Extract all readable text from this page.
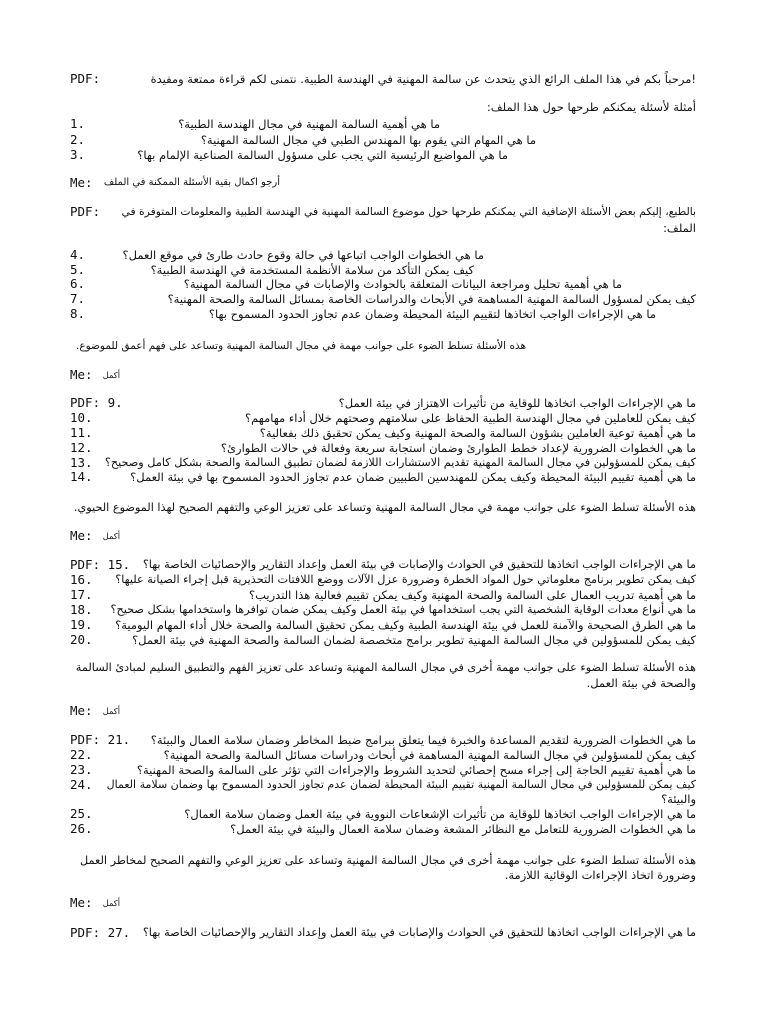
PDF:	!مرحباً بكم في هذا الملف الرائع الذي يتحدث عن سالمة المهنية في الهندسة الطبية. نتمنى لكم قراءة ممتعة ومفيدة
أمثلة لأسئلة يمكنكم طرحها حول هذا الملف:
1.	ما هي أهمية السالمة المهنية في مجال الهندسة الطبية؟
2.	ما هي المهام التي يقوم بها المهندس الطبي في مجال السالمة المهنية؟
3.	ما هي المواضيع الرئيسية التي يجب على مسؤول السالمة الصناعية الإلمام بها؟
Me: أرجو اكمال بقية الأسئلة الممكنة في الملف
PDF: بالطبع، إليكم بعض الأسئلة الإضافية التي يمكنكم طرحها حول موضوع السالمة المهنية في الهندسة الطبية والمعلومات المتوفرة في
الملف:
4.	ما هي الخطوات الواجب اتباعها في حالة وقوع حادث طارئ في موقع العمل؟
5.	كيف يمكن التأكد من سلامة الأنظمة المستخدمة في الهندسة الطبية؟
6.	ما هي أهمية تحليل ومراجعة البيانات المتعلقة بالحوادث والإصابات في مجال السالمة المهنية؟
7.	كيف يمكن لمسؤول السالمة المهنية المساهمة في الأبحاث والدراسات الخاصة بمسائل السالمة والصحة المهنية؟
8.	ما هي الإجراءات الواجب اتخاذها لتقييم البيئة المحيطة وضمان عدم تجاوز الحدود المسموح بها؟
هذه الأسئلة تسلط الضوء على جوانب مهمة في مجال السالمة المهنية وتساعد على فهم أعمق للموضوع.
Me: أكمل
PDF: 9.	ما هي الإجراءات الواجب اتخاذها للوقاية من تأثيرات الاهتزاز في بيئة العمل؟
10.	كيف يمكن للعاملين في مجال الهندسة الطبية الحفاظ على سلامتهم وصحتهم خلال أداء مهامهم؟
11.	ما هي أهمية توعية العاملين بشؤون السالمة والصحة المهنية وكيف يمكن تحقيق ذلك بفعالية؟
12.	ما هي الخطوات الضرورية لإعداد خطط الطوارئ وضمان استجابة سريعة وفعالة في حالات الطوارئ؟
13. كيف يمكن للمسؤولين في مجال السالمة المهنية تقديم الاستشارات اللازمة لضمان تطبيق السالمة والصحة بشكل كامل وصحيح؟
14.	ما هي أهمية تقييم البيئة المحيطة وكيف يمكن للمهندسين الطبيين ضمان عدم تجاوز الحدود المسموح بها في بيئة العمل؟
هذه الأسئلة تسلط الضوء على جوانب مهمة في مجال السالمة المهنية وتساعد على تعزيز الوعي والتفهم الصحيح لهذا الموضوع الحيوي.
Me: أكمل
PDF: 15. ما هي الإجراءات الواجب اتخاذها للتحقيق في الحوادث والإصابات في بيئة العمل وإعداد التقارير والإحصائيات الخاصة بها؟
16. كيف يمكن تطوير برنامج معلوماتي حول المواد الخطرة وضرورة عزل الآلات ووضع اللافتات التحذيرية قبل إجراء الصيانة عليها؟
17.	ما هي أهمية تدريب العمال على السالمة والصحة المهنية وكيف يمكن تقييم فعالية هذا التدريب؟
18. ما هي أنواع معدات الوقاية الشخصية التي يجب استخدامها في بيئة العمل وكيف يمكن ضمان توافرها واستخدامها بشكل صحيح؟
19. ما هي الطرق الصحيحة والآمنة للعمل في بيئة الهندسة الطبية وكيف يمكن تحقيق السالمة والصحة خلال أداء المهام اليومية؟
20.	كيف يمكن للمسؤولين في مجال السالمة المهنية تطوير برامج متخصصة لضمان السالمة والصحة المهنية في بيئة العمل؟
هذه الأسئلة تسلط الضوء على جوانب مهمة أخرى في مجال السالمة المهنية وتساعد على تعزيز الفهم والتطبيق السليم لمبادئ السالمة
والصحة في بيئة العمل.
Me: أكمل
PDF: 21. ما هي الخطوات الضرورية لتقديم المساعدة والخبرة فيما يتعلق ببرامج ضبط المخاطر وضمان سلامة العمال والبيئة؟
22.	كيف يمكن للمسؤولين في مجال السالمة المهنية المساهمة في أبحاث ودراسات مسائل السالمة والصحة المهنية؟
23.	ما هي أهمية تقييم الحاجة إلى إجراء مسح إحصائي لتحديد الشروط والإجراءات التي تؤثر على السالمة والصحة المهنية؟
24. كيف يمكن للمسؤولين في مجال السالمة المهنية تقييم البيئة المحيطة لضمان عدم تجاوز الحدود المسموح بها وضمان سلامة العمال
والبيئة؟
25.	ما هي الإجراءات الواجب اتخاذها للوقاية من تأثيرات الإشعاعات النووية في بيئة العمل وضمان سلامة العمال؟
26.	ما هي الخطوات الضرورية للتعامل مع النظائر المشعة وضمان سلامة العمال والبيئة في بيئة العمل؟
هذه الأسئلة تسلط الضوء على جوانب مهمة أخرى في مجال السالمة المهنية وتساعد على تعزيز الوعي والتفهم الصحيح لمخاطر العمل
وضرورة اتخاذ الإجراءات الوقائية اللازمة.
Me: أكمل
PDF: 27. ما هي الإجراءات الواجب اتخاذها للتحقيق في الحوادث والإصابات في بيئة العمل وإعداد التقارير والإحصائيات الخاصة بها؟
